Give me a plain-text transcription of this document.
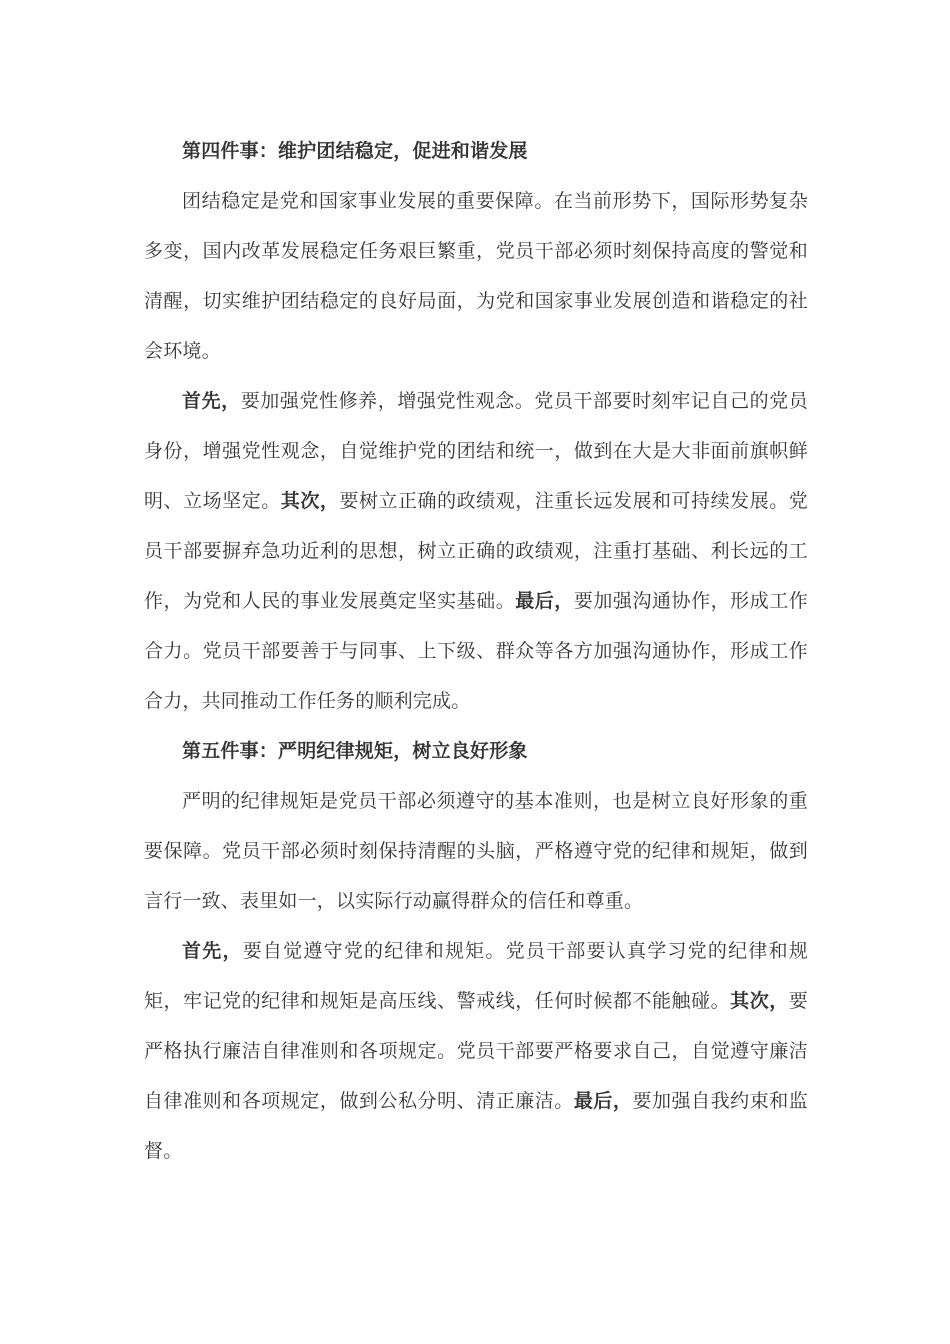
第四件事：维护团结稳定，促进和谐发展

团结稳定是党和国家事业发展的重要保障。在当前形势下，国际形势复杂多变，国内改革发展稳定任务艰巨繁重，党员干部必须时刻保持高度的警觉和清醒，切实维护团结稳定的良好局面，为党和国家事业发展创造和谐稳定的社会环境。

首先，要加强党性修养，增强党性观念。党员干部要时刻牢记自己的党员身份，增强党性观念，自觉维护党的团结和统一，做到在大是大非面前旗帜鲜明、立场坚定。其次，要树立正确的政绩观，注重长远发展和可持续发展。党员干部要摒弃急功近利的思想，树立正确的政绩观，注重打基础、利长远的工作，为党和人民的事业发展奠定坚实基础。最后，要加强沟通协作，形成工作合力。党员干部要善于与同事、上下级、群众等各方加强沟通协作，形成工作合力，共同推动工作任务的顺利完成。

第五件事：严明纪律规矩，树立良好形象

严明的纪律规矩是党员干部必须遵守的基本准则，也是树立良好形象的重要保障。党员干部必须时刻保持清醒的头脑，严格遵守党的纪律和规矩，做到言行一致、表里如一，以实际行动赢得群众的信任和尊重。

首先，要自觉遵守党的纪律和规矩。党员干部要认真学习党的纪律和规矩，牢记党的纪律和规矩是高压线、警戒线，任何时候都不能触碰。其次，要严格执行廉洁自律准则和各项规定。党员干部要严格要求自己，自觉遵守廉洁自律准则和各项规定，做到公私分明、清正廉洁。最后，要加强自我约束和监督。
